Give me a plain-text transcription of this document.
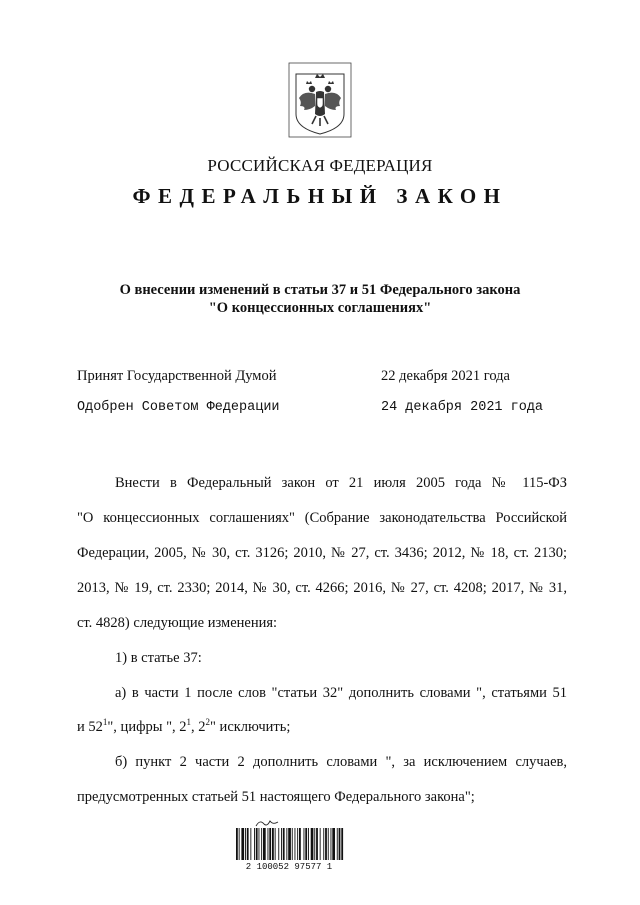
РОССИЙСКАЯ ФЕДЕРАЦИЯ
ФЕДЕРАЛЬНЫЙ ЗАКОН
О внесении изменений в статьи 37 и 51 Федерального закона
"О концессионных соглашениях"
Принят Государственной Думой	22 декабря 2021 года
Одобрен Советом Федерации	24 декабря 2021 года
Внести в Федеральный закон от 21 июля 2005 года № 115-ФЗ
"О концессионных соглашениях" (Собрание законодательства Российской
Федерации, 2005, № 30, ст. 3126; 2010, № 27, ст. 3436; 2012, № 18, ст. 2130;
2013, № 19, ст. 2330; 2014, № 30, ст. 4266; 2016, № 27, ст. 4208; 2017, № 31,
ст. 4828) следующие изменения:
1) в статье 37:
а) в части 1 после слов "статьи 32" дополнить словами ", статьями 51
и $52^1$", цифры ", $2^1$, $2^2$" исключить;
б) пункт 2 части 2 дополнить словами ", за исключением случаев,
предусмотренных статьей 51 настоящего Федерального закона";
2 100052 97577 1
